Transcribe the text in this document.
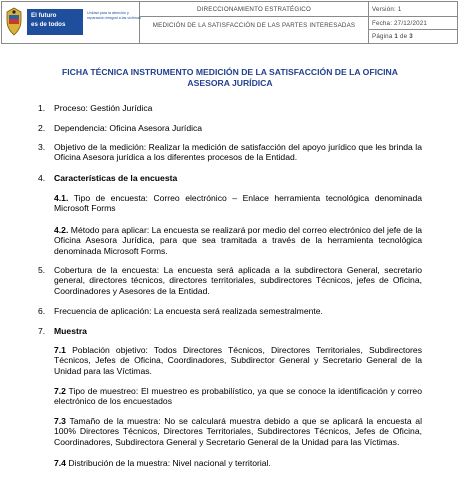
El futuro
es de todos
Unidad para la atención y reparación integral a las víctimas
DIRECCIONAMIENTO ESTRATÉGICO	Versión: 1
MEDICIÓN DE LA SATISFACCIÓN DE LAS PARTES INTERESADAS	Fecha: 27/12/2021
Página 1 de 3
FICHA TÉCNICA INSTRUMENTO MEDICIÓN DE LA SATISFACCIÓN DE LA OFICINA ASESORA JURÍDICA
1. Proceso: Gestión Jurídica
2. Dependencia: Oficina Asesora Jurídica
3. Objetivo de la medición: Realizar la medición de satisfacción del apoyo jurídico que les brinda la Oficina Asesora jurídica a los diferentes procesos de la Entidad.
4. Características de la encuesta
4.1. Tipo de encuesta: Correo electrónico – Enlace herramienta tecnológica denominada Microsoft Forms
4.2. Método para aplicar: La encuesta se realizará por medio del correo electrónico del jefe de la Oficina Asesora Jurídica, para que sea tramitada a través de la herramienta tecnológica denominada Microsoft Forms.
5. Cobertura de la encuesta: La encuesta será aplicada a la subdirectora General, secretario general, directores técnicos, directores territoriales, subdirectores Técnicos, jefes de Oficina, Coordinadores y Asesores de la Entidad.
6. Frecuencia de aplicación: La encuesta será realizada semestralmente.
7. Muestra
7.1 Población objetivo: Todos Directores Técnicos, Directores Territoriales, Subdirectores Técnicos, Jefes de Oficina, Coordinadores, Subdirector General y Secretario General de la Unidad para las Víctimas.
7.2 Tipo de muestreo: El muestreo es probabilístico, ya que se conoce la identificación y correo electrónico de los encuestados
7.3 Tamaño de la muestra: No se calculará muestra debido a que se aplicará la encuesta al 100% Directores Técnicos, Directores Territoriales, Subdirectores Técnicos, Jefes de Oficina, Coordinadores, Subdirectora General y Secretario General de la Unidad para las Víctimas.
7.4 Distribución de la muestra: Nivel nacional y territorial.
